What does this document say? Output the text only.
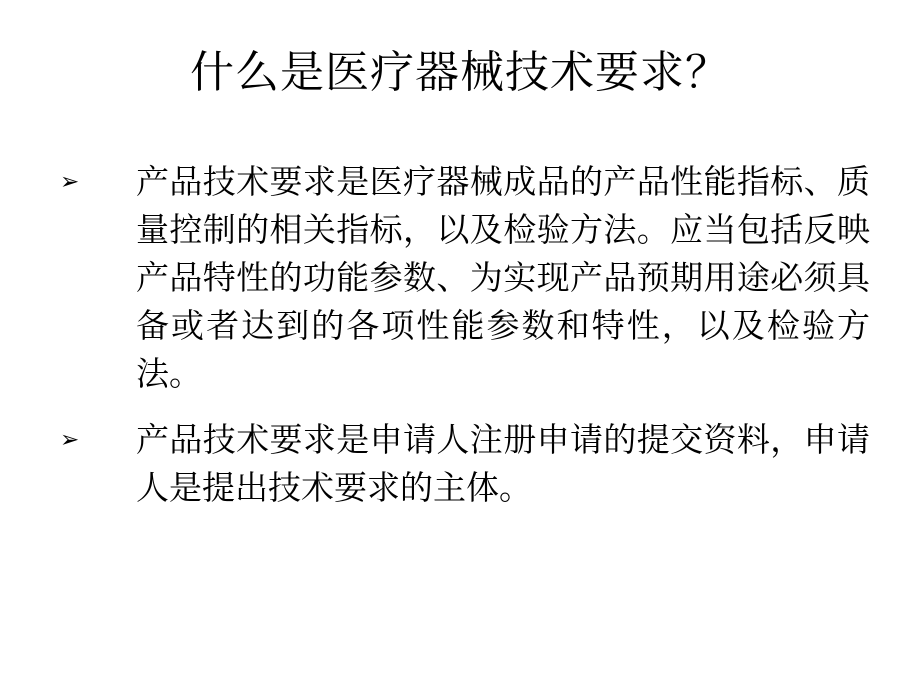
什么是医疗器械技术要求？
➢	产品技术要求是医疗器械成品的产品性能指标、质量控制的相关指标，以及检验方法。应当包括反映产品特性的功能参数、为实现产品预期用途必须具备或者达到的各项性能参数和特性，以及检验方法。
➢	产品技术要求是申请人注册申请的提交资料，申请人是提出技术要求的主体。
